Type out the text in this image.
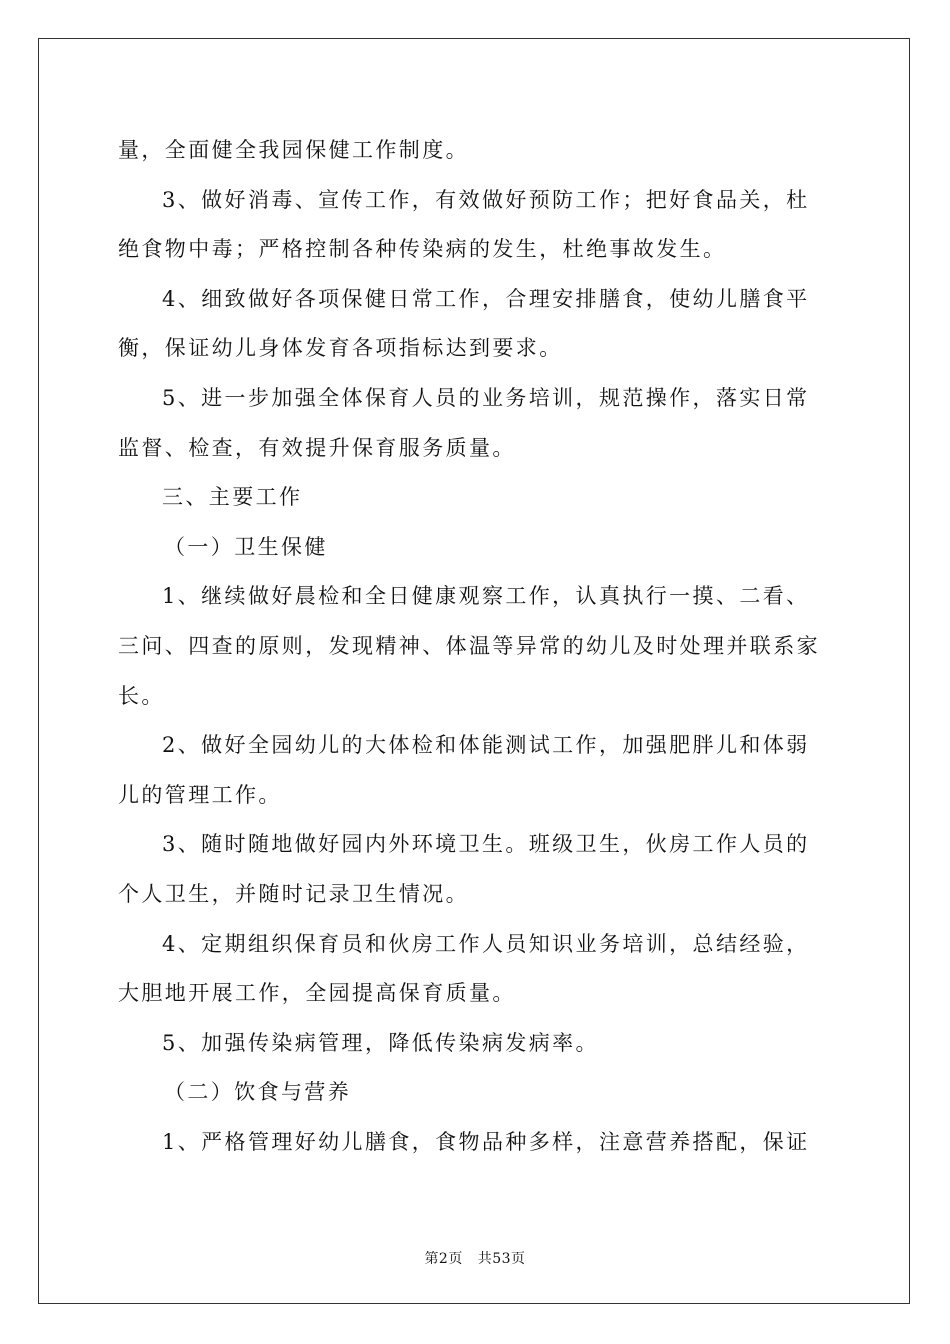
量，全面健全我园保健工作制度。
3、做好消毒、宣传工作，有效做好预防工作；把好食品关，杜
绝食物中毒；严格控制各种传染病的发生，杜绝事故发生。
4、细致做好各项保健日常工作，合理安排膳食，使幼儿膳食平
衡，保证幼儿身体发育各项指标达到要求。
5、进一步加强全体保育人员的业务培训，规范操作，落实日常
监督、检查，有效提升保育服务质量。
三、主要工作
（一）卫生保健
1、继续做好晨检和全日健康观察工作，认真执行一摸、二看、
三问、四查的原则，发现精神、体温等异常的幼儿及时处理并联系家
长。
2、做好全园幼儿的大体检和体能测试工作，加强肥胖儿和体弱
儿的管理工作。
3、随时随地做好园内外环境卫生。班级卫生，伙房工作人员的
个人卫生，并随时记录卫生情况。
4、定期组织保育员和伙房工作人员知识业务培训，总结经验，
大胆地开展工作，全园提高保育质量。
5、加强传染病管理，降低传染病发病率。
（二）饮食与营养
1、严格管理好幼儿膳食，食物品种多样，注意营养搭配，保证
第2页 共53页
